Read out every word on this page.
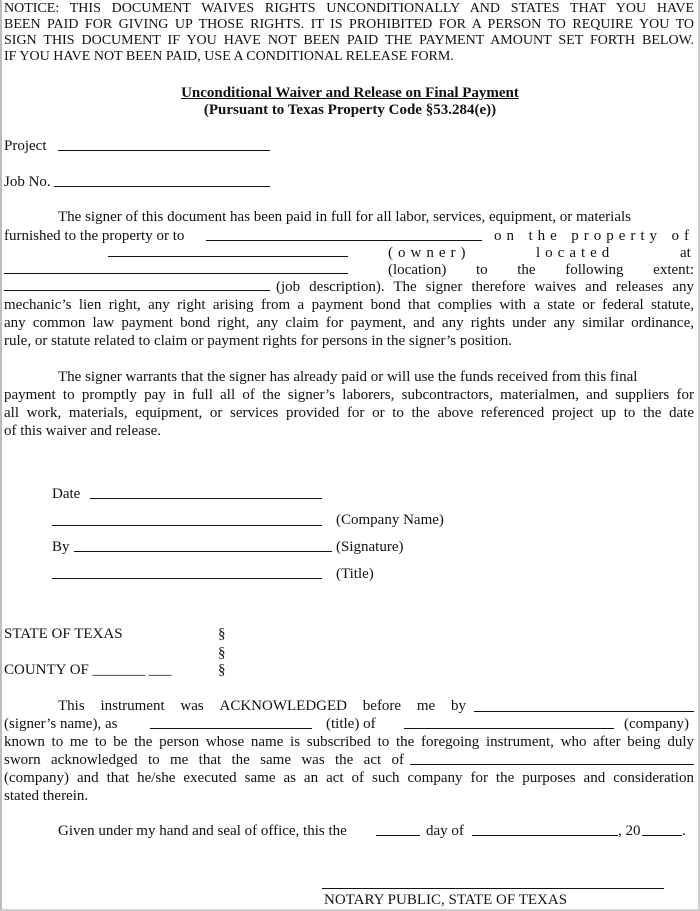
NOTICE: THIS DOCUMENT WAIVES RIGHTS UNCONDITIONALLY AND STATES THAT YOU HAVE
BEEN PAID FOR GIVING UP THOSE RIGHTS. IT IS PROHIBITED FOR A PERSON TO REQUIRE YOU TO
SIGN THIS DOCUMENT IF YOU HAVE NOT BEEN PAID THE PAYMENT AMOUNT SET FORTH BELOW.
IF YOU HAVE NOT BEEN PAID, USE A CONDITIONAL RELEASE FORM.
Unconditional Waiver and Release on Final Payment
(Pursuant to Texas Property Code §53.284(e))
Project
Job No.
The signer of this document has been paid in full for all labor, services, equipment, or materials
furnished to the property or to	on the property of
(owner)	located	at
(location) to the following extent:
(job description). The signer therefore waives and releases any
mechanic’s lien right, any right arising from a payment bond that complies with a state or federal statute,
any common law payment bond right, any claim for payment, and any rights under any similar ordinance,
rule, or statute related to claim or payment rights for persons in the signer’s position.
The signer warrants that the signer has already paid or will use the funds received from this final
payment to promptly pay in full all of the signer’s laborers, subcontractors, materialmen, and suppliers for
all work, materials, equipment, or services provided for or to the above referenced project up to the date
of this waiver and release.
Date
(Company Name)
By	(Signature)
(Title)
STATE OF TEXAS	§
§
COUNTY OF _______ ___	§
This instrument was ACKNOWLEDGED before me by
(signer’s name), as	(title) of	(company)
known to me to be the person whose name is subscribed to the foregoing instrument, who after being duly
sworn acknowledged to me that the same was the act of
(company) and that he/she executed same as an act of such company for the purposes and consideration
stated therein.
Given under my hand and seal of office, this the	day of	, 20	.
NOTARY PUBLIC, STATE OF TEXAS
